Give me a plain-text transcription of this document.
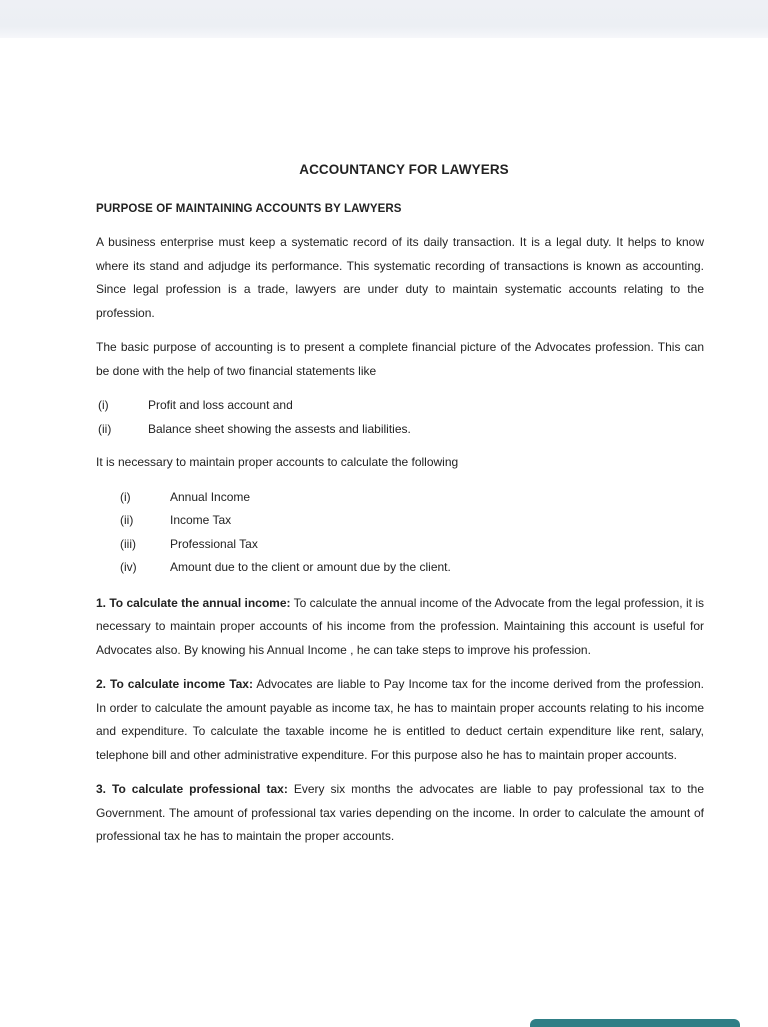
ACCOUNTANCY FOR LAWYERS
PURPOSE OF MAINTAINING ACCOUNTS BY LAWYERS

A business enterprise must keep a systematic record of its daily transaction. It is a legal duty. It helps to know where its stand and adjudge its performance. This systematic recording of transactions is known as accounting. Since legal profession is a trade, lawyers are under duty to maintain systematic accounts relating to the profession.

The basic purpose of accounting is to present a complete financial picture of the Advocates profession. This can be done with the help of two financial statements like

(i)	Profit and loss account and
(ii)	Balance sheet showing the assests and liabilities.

It is necessary to maintain proper accounts to calculate the following

(i)	Annual Income
(ii)	Income Tax
(iii)	Professional Tax
(iv)	Amount due to the client or amount due by the client.

1. To calculate the annual income: To calculate the annual income of the Advocate from the legal profession, it is necessary to maintain proper accounts of his income from the profession. Maintaining this account is useful for Advocates also. By knowing his Annual Income , he can take steps to improve his profession.

2. To calculate income Tax: Advocates are liable to Pay Income tax for the income derived from the profession. In order to calculate the amount payable as income tax, he has to maintain proper accounts relating to his income and expenditure. To calculate the taxable income he is entitled to deduct certain expenditure like rent, salary, telephone bill and other administrative expenditure. For this purpose also he has to maintain proper accounts.

3. To calculate professional tax: Every six months the advocates are liable to pay professional tax to the Government. The amount of professional tax varies depending on the income. In order to calculate the amount of professional tax he has to maintain the proper accounts.
